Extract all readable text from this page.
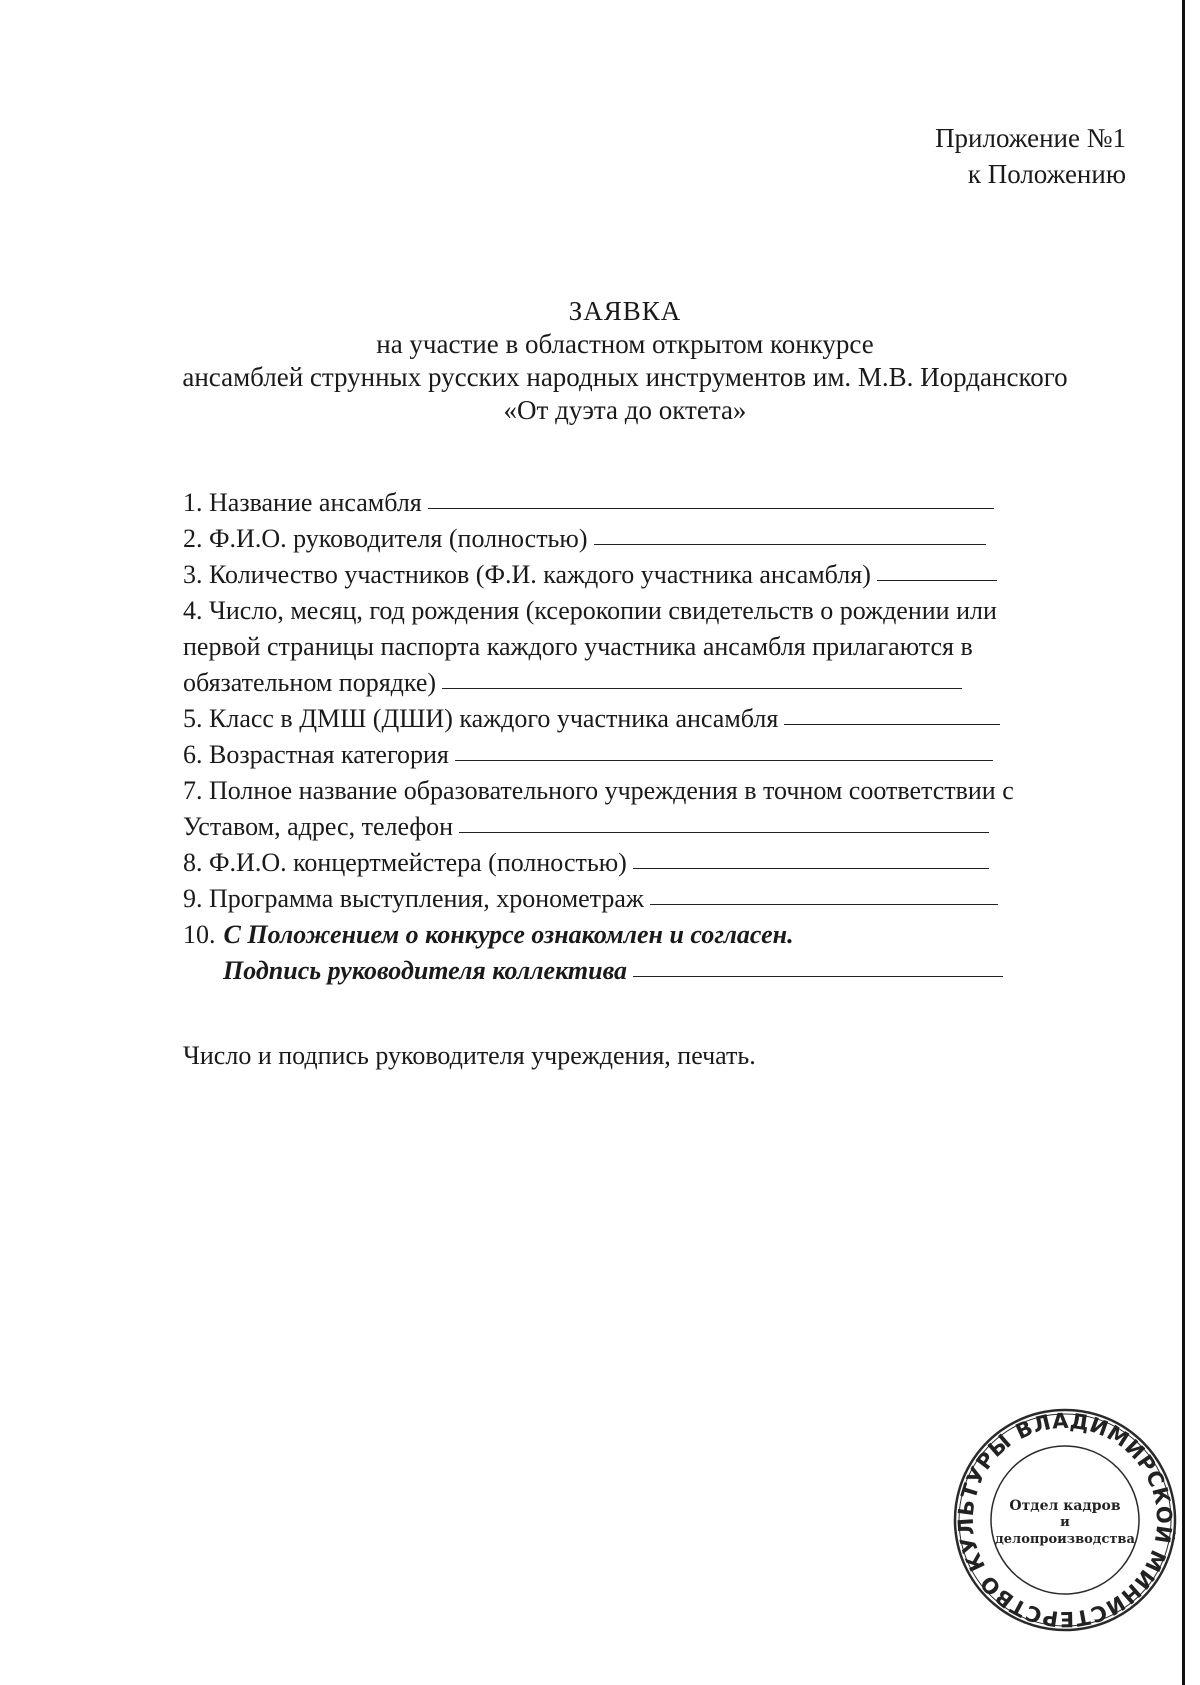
Приложение №1
к Положению
ЗАЯВКА
на участие в областном открытом конкурсе
ансамблей струнных русских народных инструментов им. М.В. Иорданского
«От дуэта до октета»
1. Название ансамбля
2. Ф.И.О. руководителя (полностью)
3. Количество участников (Ф.И. каждого участника ансамбля)
4. Число, месяц, год рождения (ксерокопии свидетельств о рождении или
первой страницы паспорта каждого участника ансамбля прилагаются в
обязательном порядке)
5. Класс в ДМШ (ДШИ) каждого участника ансамбля
6. Возрастная категория
7. Полное название образовательного учреждения в точном соответствии с
Уставом, адрес, телефон
8. Ф.И.О. концертмейстера (полностью)
9. Программа выступления, хронометраж
10. С Положением о конкурсе ознакомлен и согласен.
Подпись руководителя коллектива
Число и подпись руководителя учреждения, печать.
МИНИСТЕРСТВО КУЛЬТУРЫ ВЛАДИМИРСКОЙ
Отдел кадров
и
делопроизводства
